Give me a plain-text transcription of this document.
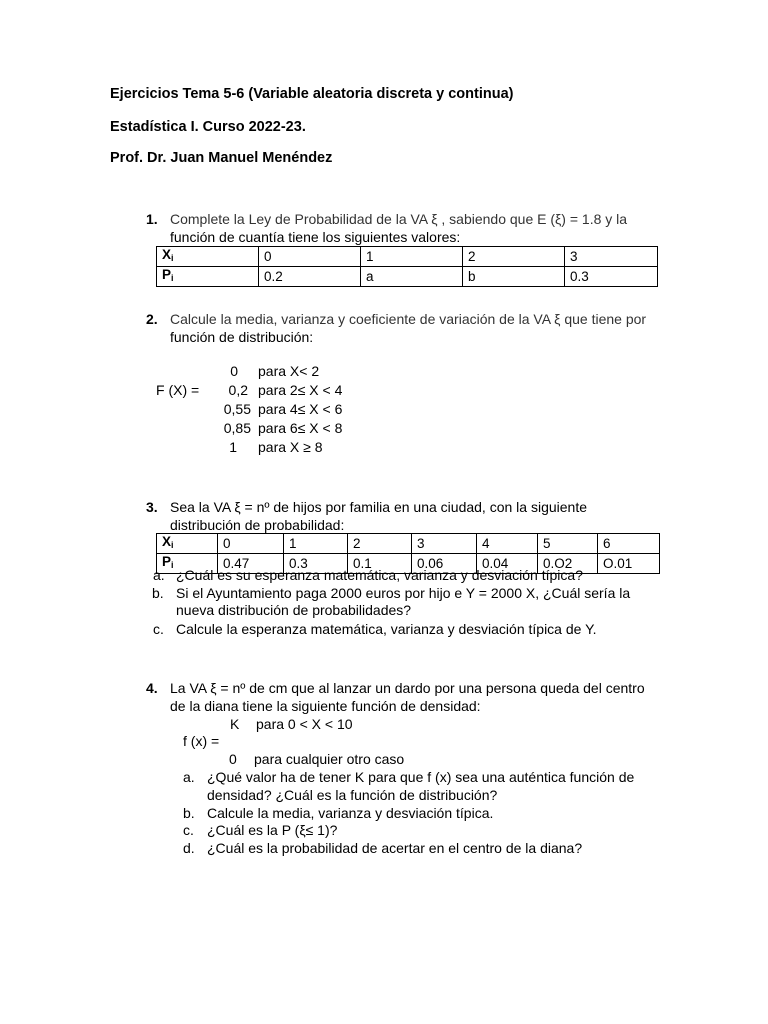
Ejercicios Tema 5-6 (Variable aleatoria discreta y continua)
Estadística I. Curso 2022-23.
Prof. Dr. Juan Manuel Menéndez
1. Complete la Ley de Probabilidad de la VA ξ , sabiendo que E (ξ) = 1.8 y la
función de cuantía tiene los siguientes valores:
$X_i$	0	1	2	3
$P_i$	0.2	a	b	0.3
2. Calcule la media, varianza y coeficiente de variación de la VA ξ que tiene por
función de distribución:
F (X) =
0 para X< 2
0,2 para 2≤ X < 4
0,55 para 4≤ X < 6
0,85 para 6≤ X < 8
1 para X ≥ 8
3. Sea la VA ξ = nº de hijos por familia en una ciudad, con la siguiente
distribución de probabilidad:
$X_i$	0	1	2	3	4	5	6
$P_i$	0.47	0.3	0.1	0.06	0.04	0.O2	O.01
a. ¿Cuál es su esperanza matemática, varianza y desviación típica?
b. Si el Ayuntamiento paga 2000 euros por hijo e Y = 2000 X, ¿Cuál sería la
nueva distribución de probabilidades?
c. Calcule la esperanza matemática, varianza y desviación típica de Y.
4. La VA ξ = nº de cm que al lanzar un dardo por una persona queda del centro
de la diana tiene la siguiente función de densidad:
K para 0 < X < 10
f (x) =
0 para cualquier otro caso
a. ¿Qué valor ha de tener K para que f (x) sea una auténtica función de
densidad? ¿Cuál es la función de distribución?
b. Calcule la media, varianza y desviación típica.
c. ¿Cuál es la P (ξ≤ 1)?
d. ¿Cuál es la probabilidad de acertar en el centro de la diana?
